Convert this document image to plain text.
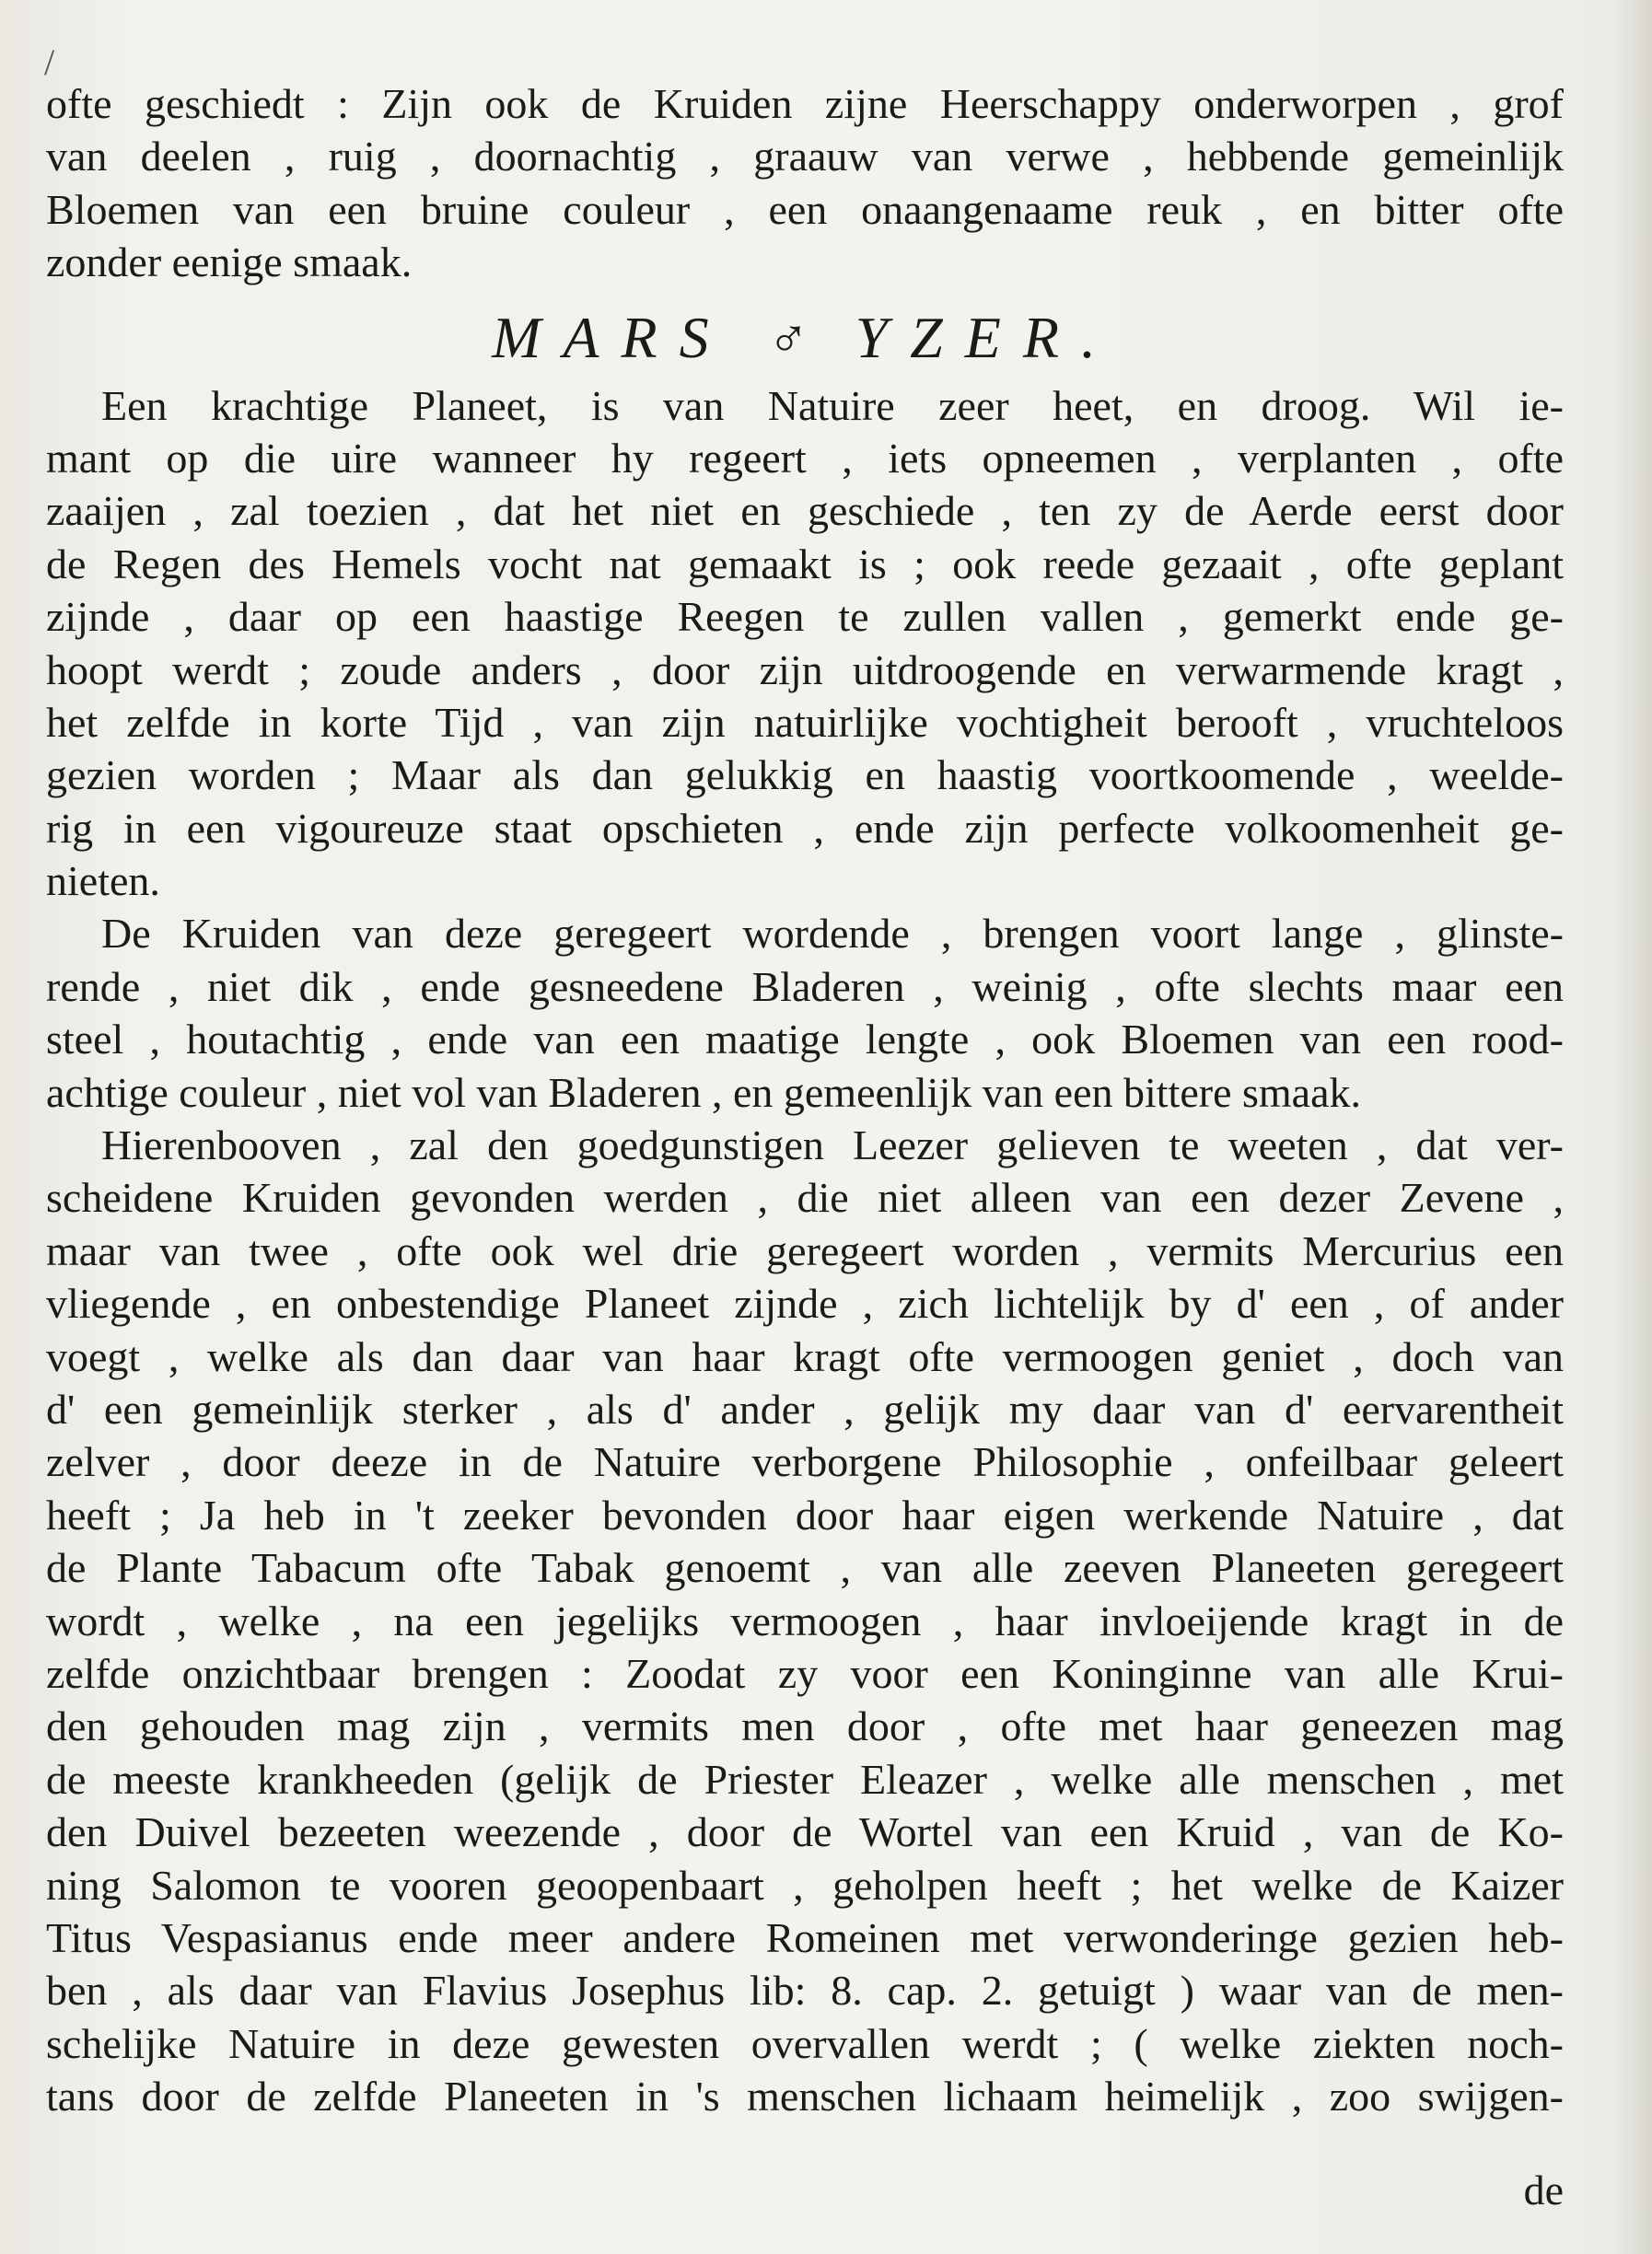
/
ofte geschiedt : Zijn ook de Kruiden zijne Heerschappy onderworpen , grof
van deelen , ruig , doornachtig , graauw van verwe , hebbende gemeinlijk
Bloemen van een bruine couleur , een onaangenaame reuk , en bitter ofte
zonder eenige smaak.
MARS ♂ YZER.
Een krachtige Planeet, is van Natuire zeer heet, en droog. Wil ie-
mant op die uire wanneer hy regeert , iets opneemen , verplanten , ofte
zaaijen , zal toezien , dat het niet en geschiede , ten zy de Aerde eerst door
de Regen des Hemels vocht nat gemaakt is ; ook reede gezaait , ofte geplant
zijnde , daar op een haastige Reegen te zullen vallen , gemerkt ende ge-
hoopt werdt ; zoude anders , door zijn uitdroogende en verwarmende kragt ,
het zelfde in korte Tijd , van zijn natuirlijke vochtigheit berooft , vruchteloos
gezien worden ; Maar als dan gelukkig en haastig voortkoomende , weelde-
rig in een vigoureuze staat opschieten , ende zijn perfecte volkoomenheit ge-
nieten.
De Kruiden van deze geregeert wordende , brengen voort lange , glinste-
rende , niet dik , ende gesneedene Bladeren , weinig , ofte slechts maar een
steel , houtachtig , ende van een maatige lengte , ook Bloemen van een rood-
achtige couleur , niet vol van Bladeren , en gemeenlijk van een bittere smaak.
Hierenbooven , zal den goedgunstigen Leezer gelieven te weeten , dat ver-
scheidene Kruiden gevonden werden , die niet alleen van een dezer Zevene ,
maar van twee , ofte ook wel drie geregeert worden , vermits Mercurius een
vliegende , en onbestendige Planeet zijnde , zich lichtelijk by d' een , of ander
voegt , welke als dan daar van haar kragt ofte vermoogen geniet , doch van
d' een gemeinlijk sterker , als d' ander , gelijk my daar van d' eervarentheit
zelver , door deeze in de Natuire verborgene Philosophie , onfeilbaar geleert
heeft ; Ja heb in 't zeeker bevonden door haar eigen werkende Natuire , dat
de Plante Tabacum ofte Tabak genoemt , van alle zeeven Planeeten geregeert
wordt , welke , na een jegelijks vermoogen , haar invloeijende kragt in de
zelfde onzichtbaar brengen : Zoodat zy voor een Koninginne van alle Krui-
den gehouden mag zijn , vermits men door , ofte met haar geneezen mag
de meeste krankheeden (gelijk de Priester Eleazer , welke alle menschen , met
den Duivel bezeeten weezende , door de Wortel van een Kruid , van de Ko-
ning Salomon te vooren geoopenbaart , geholpen heeft ; het welke de Kaizer
Titus Vespasianus ende meer andere Romeinen met verwonderinge gezien heb-
ben , als daar van Flavius Josephus lib: 8. cap. 2. getuigt ) waar van de men-
schelijke Natuire in deze gewesten overvallen werdt ; ( welke ziekten noch-
tans door de zelfde Planeeten in 's menschen lichaam heimelijk , zoo swijgen-
de
